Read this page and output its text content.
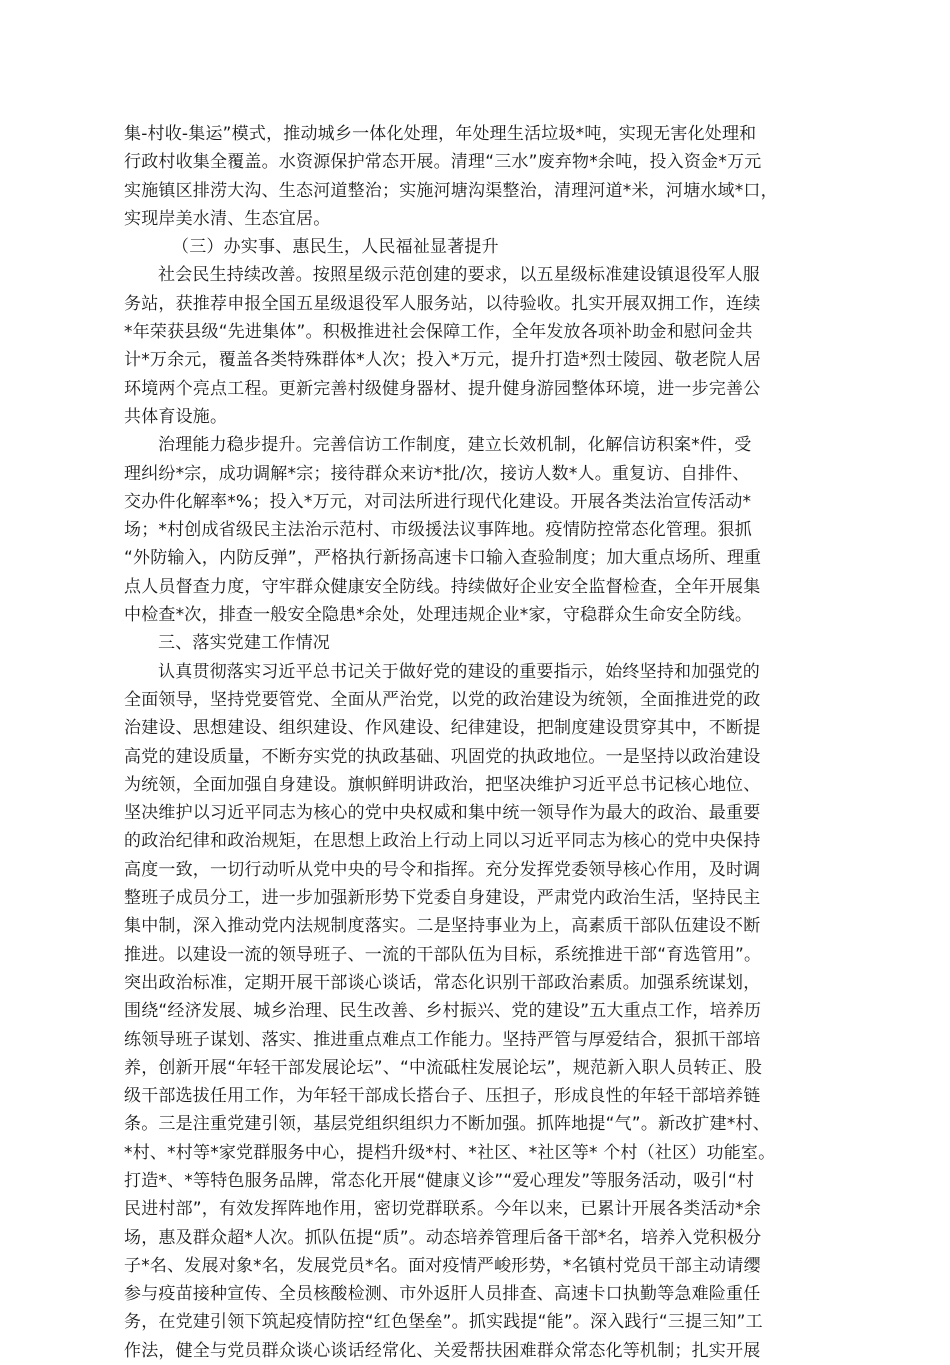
集-村收-集运”模式，推动城乡一体化处理，年处理生活垃圾*吨，实现无害化处理和
行政村收集全覆盖。水资源保护常态开展。清理“三水”废弃物*余吨，投入资金*万元
实施镇区排涝大沟、生态河道整治；实施河塘沟渠整治，清理河道*米，河塘水域*口，
实现岸美水清、生态宜居。
（三）办实事、惠民生，人民福祉显著提升
社会民生持续改善。按照星级示范创建的要求，以五星级标准建设镇退役军人服
务站，获推荐申报全国五星级退役军人服务站，以待验收。扎实开展双拥工作，连续
*年荣获县级“先进集体”。积极推进社会保障工作，全年发放各项补助金和慰问金共
计*万余元，覆盖各类特殊群体*人次；投入*万元，提升打造*烈士陵园、敬老院人居
环境两个亮点工程。更新完善村级健身器材、提升健身游园整体环境，进一步完善公
共体育设施。
治理能力稳步提升。完善信访工作制度，建立长效机制，化解信访积案*件，受
理纠纷*宗，成功调解*宗；接待群众来访*批/次，接访人数*人。重复访、自排件、
交办件化解率*%；投入*万元，对司法所进行现代化建设。开展各类法治宣传活动*
场；*村创成省级民主法治示范村、市级援法议事阵地。疫情防控常态化管理。狠抓
“外防输入，内防反弹”，严格执行新扬高速卡口输入查验制度；加大重点场所、理重
点人员督查力度，守牢群众健康安全防线。持续做好企业安全监督检查，全年开展集
中检查*次，排查一般安全隐患*余处，处理违规企业*家，守稳群众生命安全防线。
三、落实党建工作情况
认真贯彻落实习近平总书记关于做好党的建设的重要指示，始终坚持和加强党的
全面领导，坚持党要管党、全面从严治党，以党的政治建设为统领，全面推进党的政
治建设、思想建设、组织建设、作风建设、纪律建设，把制度建设贯穿其中，不断提
高党的建设质量，不断夯实党的执政基础、巩固党的执政地位。一是坚持以政治建设
为统领，全面加强自身建设。旗帜鲜明讲政治，把坚决维护习近平总书记核心地位、
坚决维护以习近平同志为核心的党中央权威和集中统一领导作为最大的政治、最重要
的政治纪律和政治规矩，在思想上政治上行动上同以习近平同志为核心的党中央保持
高度一致，一切行动听从党中央的号令和指挥。充分发挥党委领导核心作用，及时调
整班子成员分工，进一步加强新形势下党委自身建设，严肃党内政治生活，坚持民主
集中制，深入推动党内法规制度落实。二是坚持事业为上，高素质干部队伍建设不断
推进。以建设一流的领导班子、一流的干部队伍为目标，系统推进干部“育选管用”。
突出政治标准，定期开展干部谈心谈话，常态化识别干部政治素质。加强系统谋划，
围绕“经济发展、城乡治理、民生改善、乡村振兴、党的建设”五大重点工作，培养历
练领导班子谋划、落实、推进重点难点工作能力。坚持严管与厚爱结合，狠抓干部培
养，创新开展“年轻干部发展论坛”、“中流砥柱发展论坛”，规范新入职人员转正、股
级干部选拔任用工作，为年轻干部成长搭台子、压担子，形成良性的年轻干部培养链
条。三是注重党建引领，基层党组织组织力不断加强。抓阵地提“气”。新改扩建*村、
*村、*村等*家党群服务中心，提档升级*村、*社区、*社区等* 个村（社区）功能室。
打造*、*等特色服务品牌，常态化开展“健康义诊”“爱心理发”等服务活动，吸引“村
民进村部”，有效发挥阵地作用，密切党群联系。今年以来，已累计开展各类活动*余
场，惠及群众超*人次。抓队伍提“质”。动态培养管理后备干部*名，培养入党积极分
子*名、发展对象*名，发展党员*名。面对疫情严峻形势，*名镇村党员干部主动请缨
参与疫苗接种宣传、全员核酸检测、市外返肝人员排查、高速卡口执勤等急难险重任
务，在党建引领下筑起疫情防控“红色堡垒”。抓实践提“能”。深入践行“三提三知”工
作法，健全与党员群众谈心谈话经常化、关爱帮扶困难群众常态化等机制；扎实开展
